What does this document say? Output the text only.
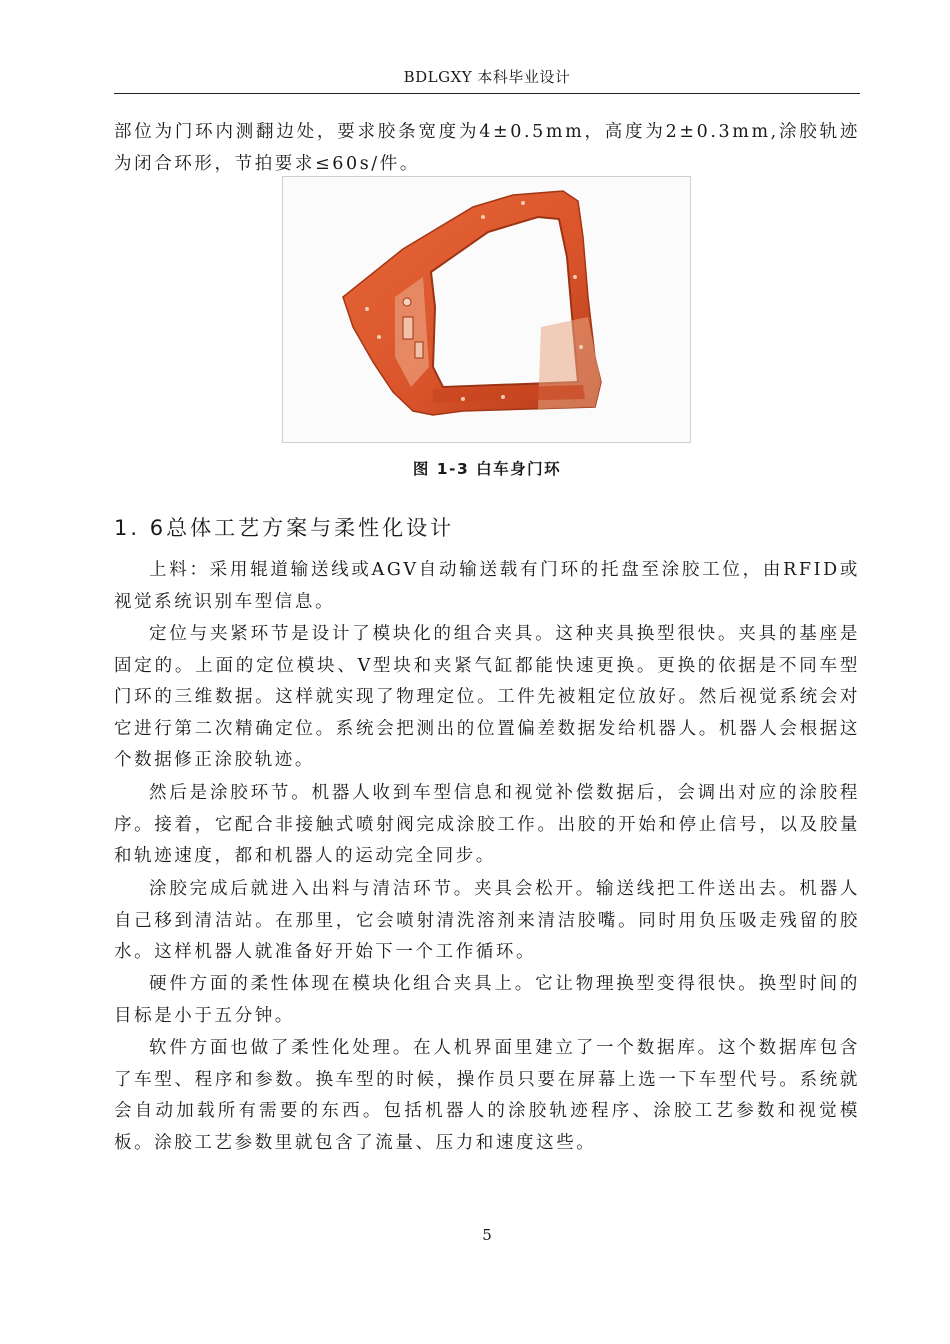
BDLGXY 本科毕业设计

部位为门环内测翻边处，要求胶条宽度为4±0.5mm，高度为2±0.3mm,涂胶轨迹为闭合环形，节拍要求≤60s/件。

图 1-3 白车身门环
1. 6总体工艺方案与柔性化设计

上料：采用辊道输送线或AGV自动输送载有门环的托盘至涂胶工位，由RFID或视觉系统识别车型信息。

定位与夹紧环节是设计了模块化的组合夹具。这种夹具换型很快。夹具的基座是固定的。上面的定位模块、V型块和夹紧气缸都能快速更换。更换的依据是不同车型门环的三维数据。这样就实现了物理定位。工件先被粗定位放好。然后视觉系统会对它进行第二次精确定位。系统会把测出的位置偏差数据发给机器人。机器人会根据这个数据修正涂胶轨迹。

然后是涂胶环节。机器人收到车型信息和视觉补偿数据后，会调出对应的涂胶程序。接着，它配合非接触式喷射阀完成涂胶工作。出胶的开始和停止信号，以及胶量和轨迹速度，都和机器人的运动完全同步。

涂胶完成后就进入出料与清洁环节。夹具会松开。输送线把工件送出去。机器人自己移到清洁站。在那里，它会喷射清洗溶剂来清洁胶嘴。同时用负压吸走残留的胶水。这样机器人就准备好开始下一个工作循环。

硬件方面的柔性体现在模块化组合夹具上。它让物理换型变得很快。换型时间的目标是小于五分钟。

软件方面也做了柔性化处理。在人机界面里建立了一个数据库。这个数据库包含了车型、程序和参数。换车型的时候，操作员只要在屏幕上选一下车型代号。系统就会自动加载所有需要的东西。包括机器人的涂胶轨迹程序、涂胶工艺参数和视觉模板。涂胶工艺参数里就包含了流量、压力和速度这些。

5
